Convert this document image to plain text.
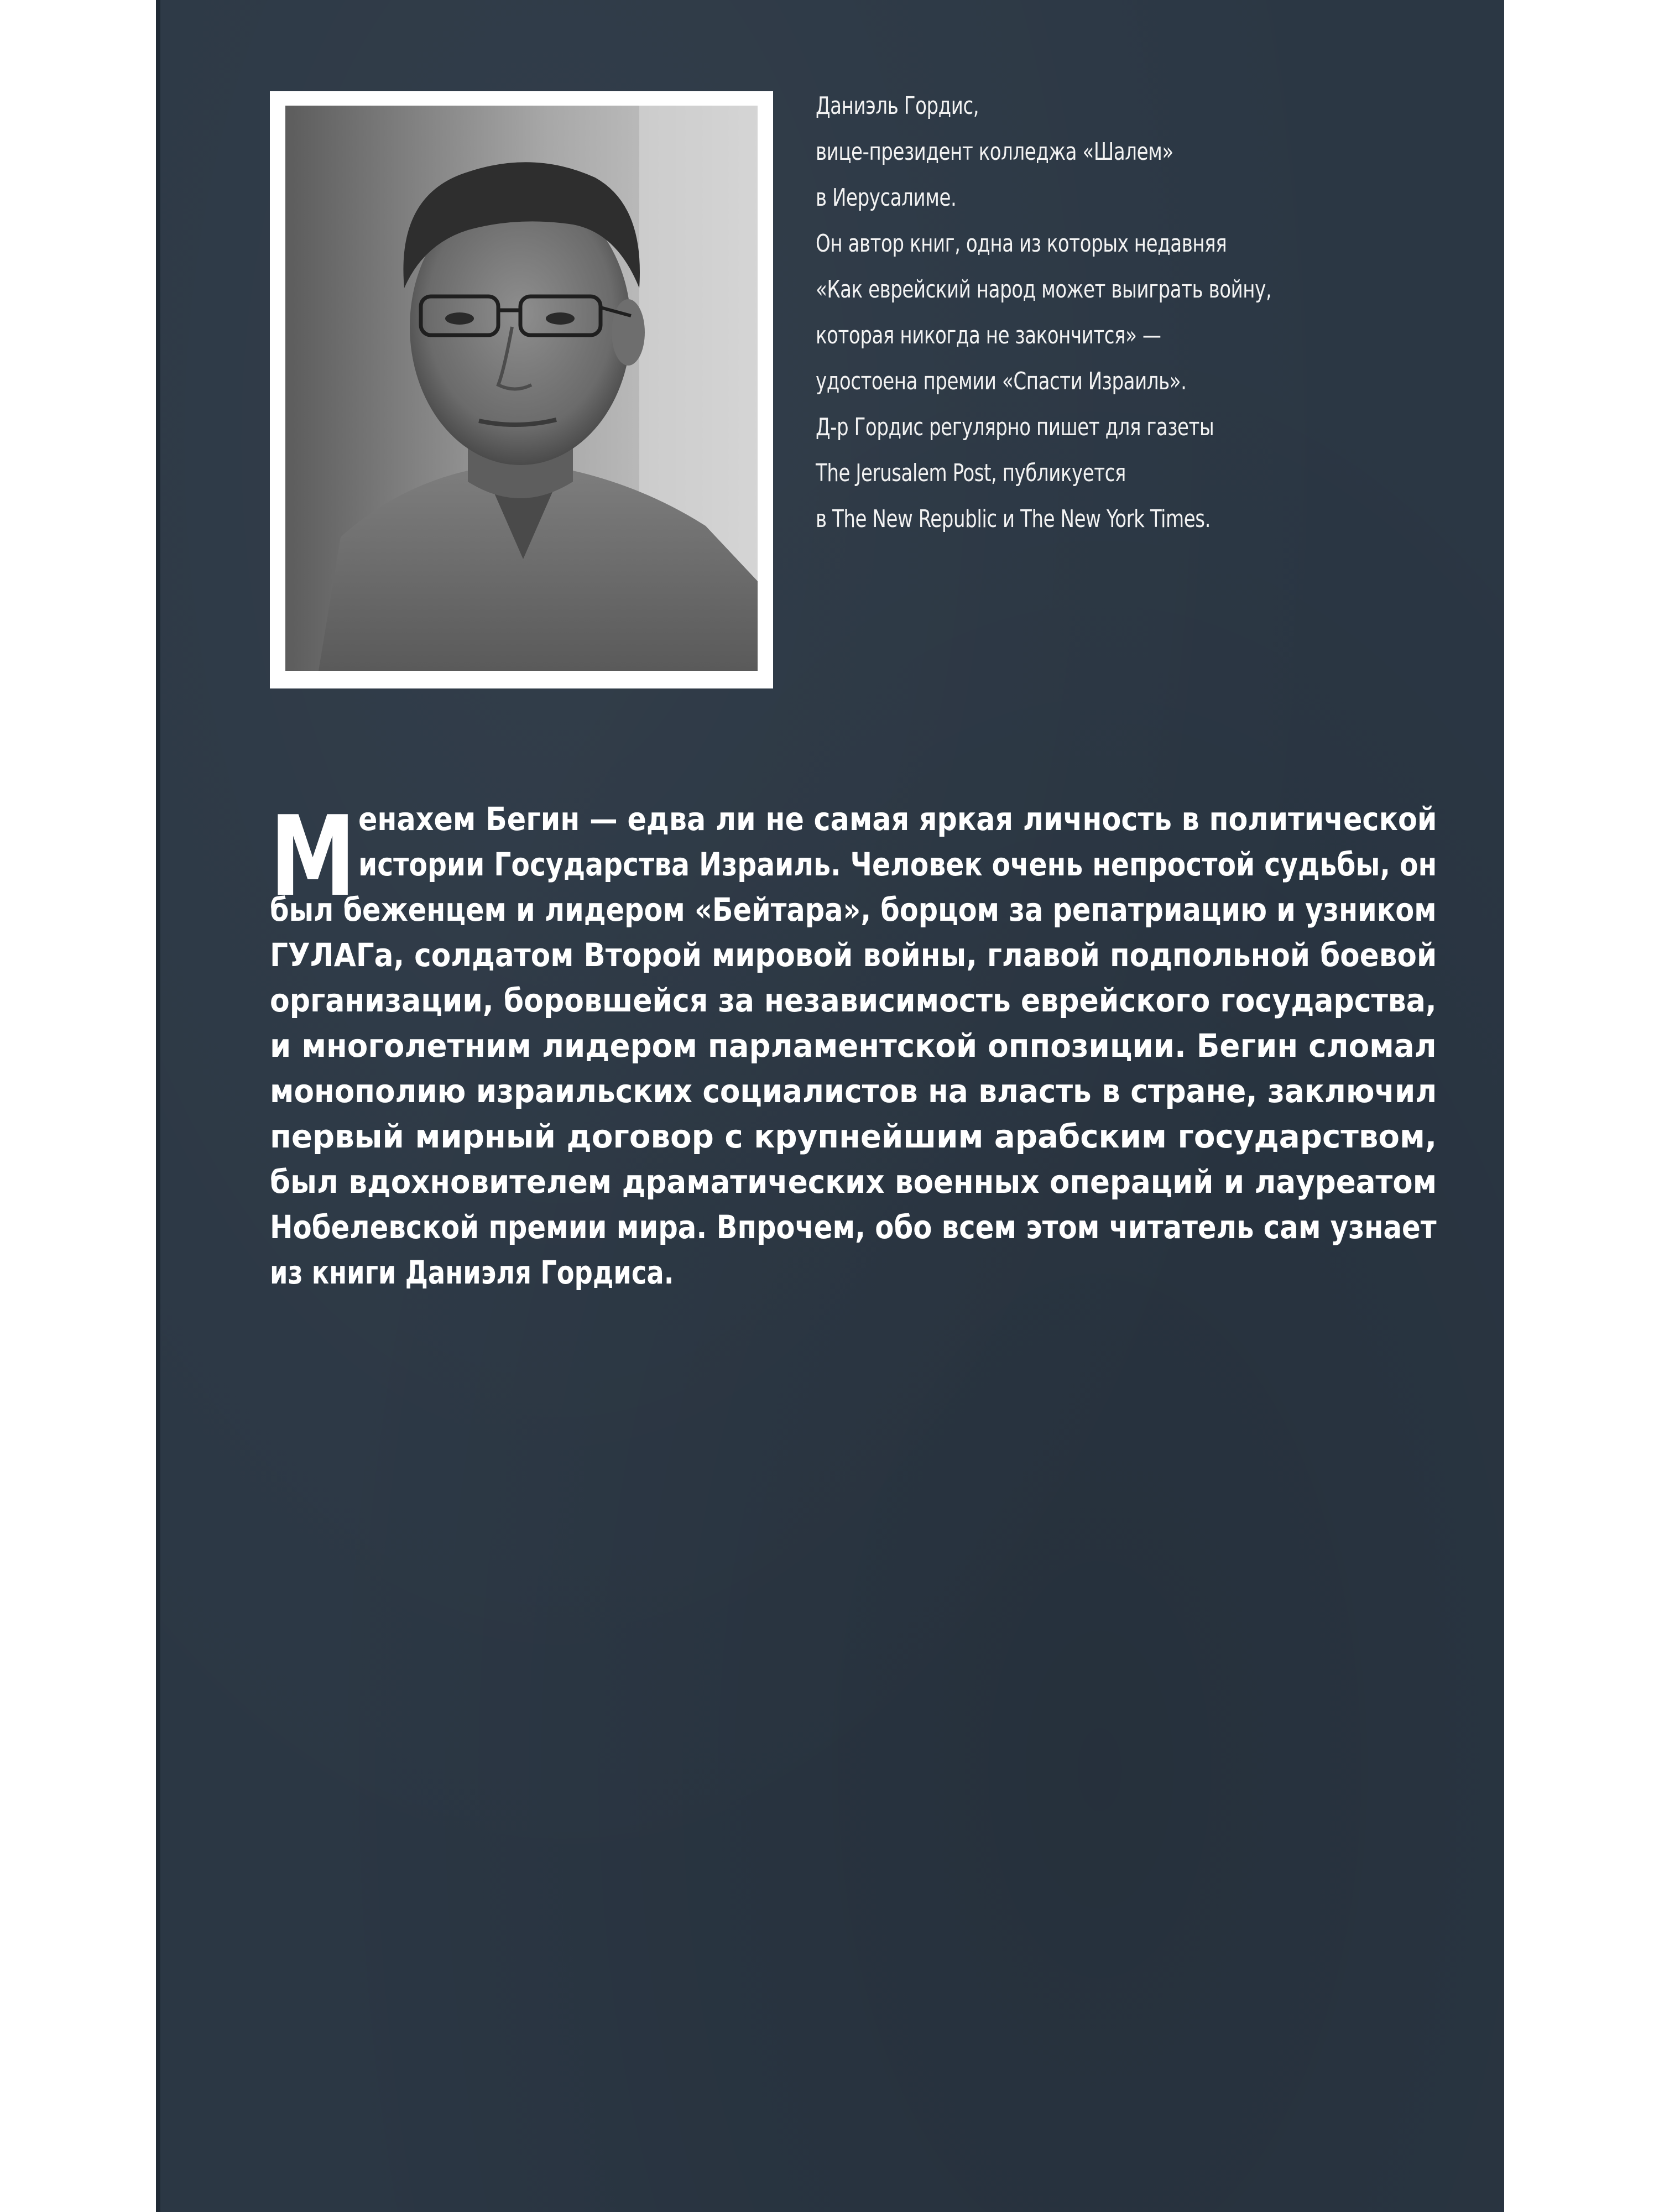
Даниэль Гордис,
вице-президент колледжа «Шалем»
в Иерусалиме.
Он автор книг, одна из которых недавняя
«Как еврейский народ может выиграть войну,
которая никогда не закончится» —
удостоена премии «Спасти Израиль».
Д-р Гордис регулярно пишет для газеты
The Jerusalem Post, публикуется
в The New Republic и The New York Times.
М енахем Бегин — едва ли не самая яркая личность в политической
истории Государства Израиль. Человек очень непростой судьбы, он
был беженцем и лидером «Бейтара», борцом за репатриацию и узником
ГУЛАГа, солдатом Второй мировой войны, главой подпольной боевой
организации, боровшейся за независимость еврейского государства,
и многолетним лидером парламентской оппозиции. Бегин сломал
монополию израильских социалистов на власть в стране, заключил
первый мирный договор с крупнейшим арабским государством,
был вдохновителем драматических военных операций и лауреатом
Нобелевской премии мира. Впрочем, обо всем этом читатель сам узнает
из книги Даниэля Гордиса.
